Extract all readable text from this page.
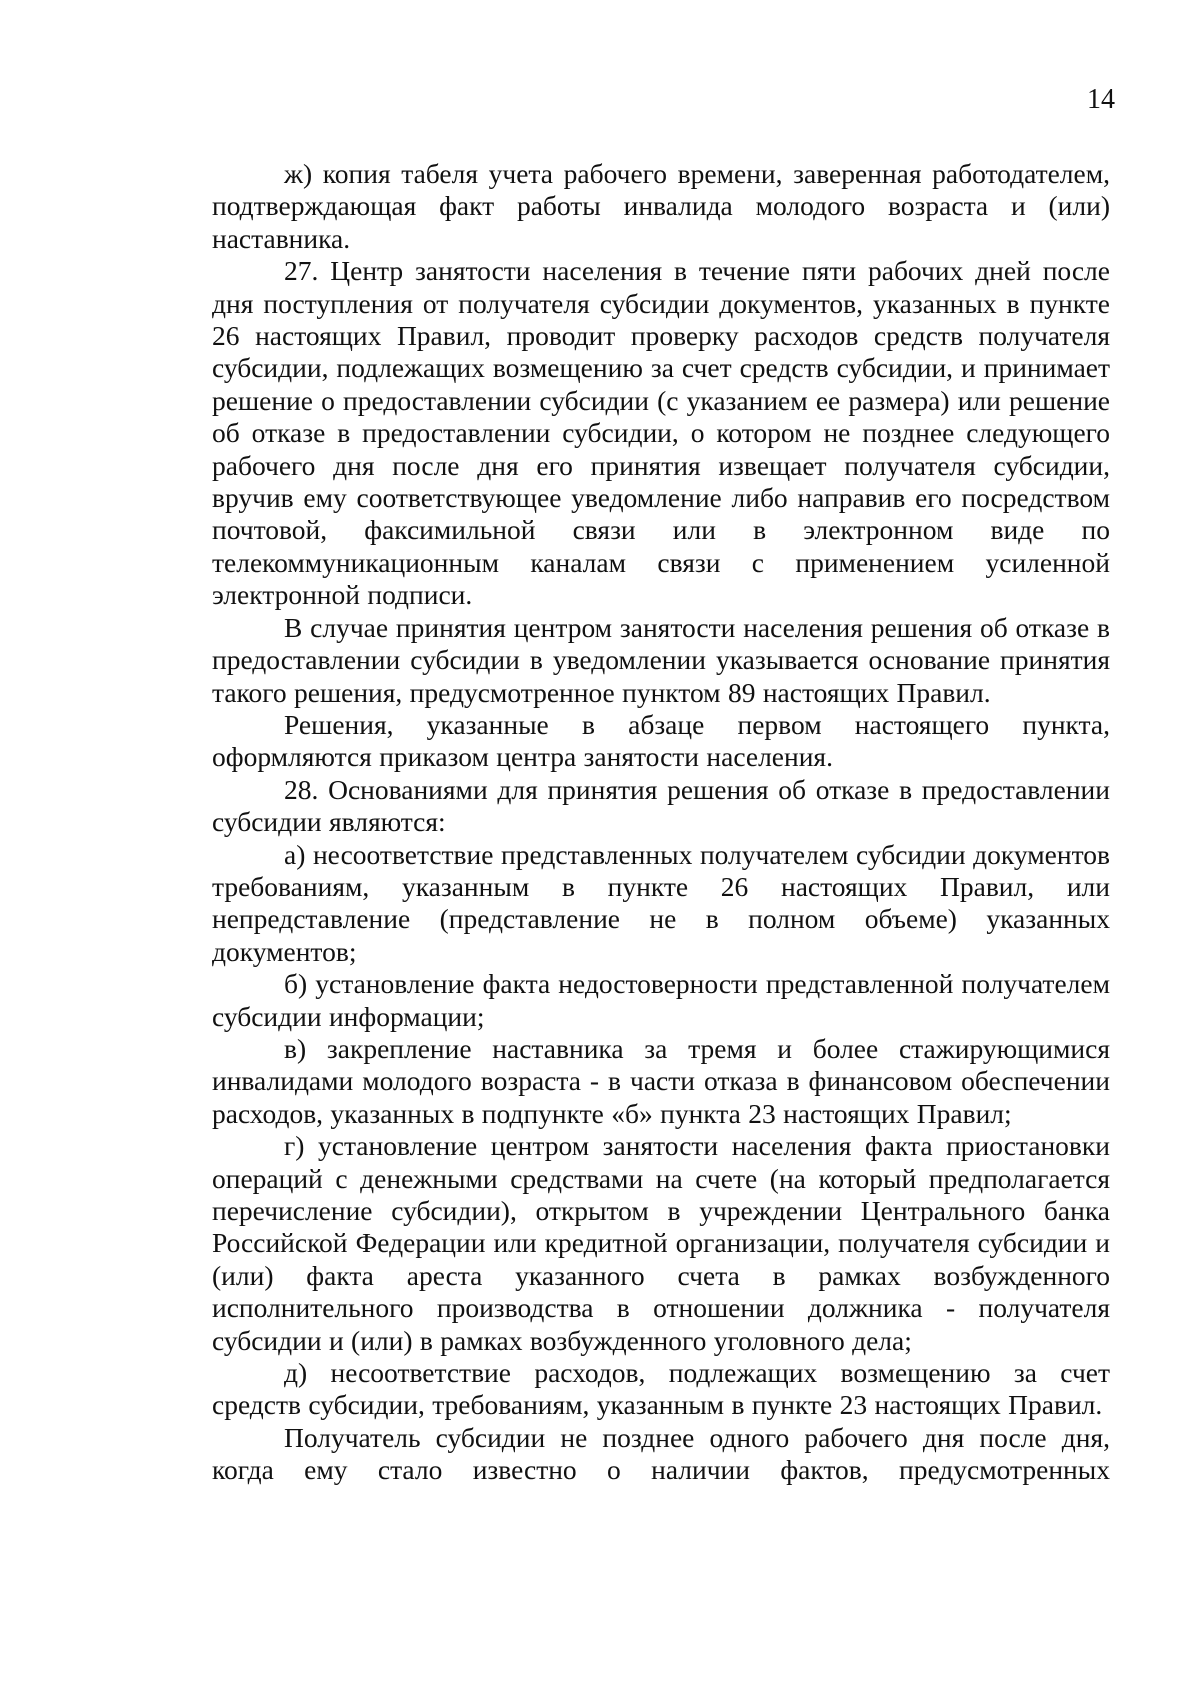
14

ж) копия табеля учета рабочего времени, заверенная работодателем, подтверждающая факт работы инвалида молодого возраста и (или) наставника.

27. Центр занятости населения в течение пяти рабочих дней после дня поступления от получателя субсидии документов, указанных в пункте 26 настоящих Правил, проводит проверку расходов средств получателя субсидии, подлежащих возмещению за счет средств субсидии, и принимает решение о предоставлении субсидии (с указанием ее размера) или решение об отказе в предоставлении субсидии, о котором не позднее следующего рабочего дня после дня его принятия извещает получателя субсидии, вручив ему соответствующее уведомление либо направив его посредством почтовой, факсимильной связи или в электронном виде по телекоммуникационным каналам связи с применением усиленной электронной подписи.

В случае принятия центром занятости населения решения об отказе в предоставлении субсидии в уведомлении указывается основание принятия такого решения, предусмотренное пунктом 89 настоящих Правил.

Решения, указанные в абзаце первом настоящего пункта, оформляются приказом центра занятости населения.

28. Основаниями для принятия решения об отказе в предоставлении субсидии являются:

а) несоответствие представленных получателем субсидии документов требованиям, указанным в пункте 26 настоящих Правил, или непредставление (представление не в полном объеме) указанных документов;

б) установление факта недостоверности представленной получателем субсидии информации;

в) закрепление наставника за тремя и более стажирующимися инвалидами молодого возраста - в части отказа в финансовом обеспечении расходов, указанных в подпункте «б» пункта 23 настоящих Правил;

г) установление центром занятости населения факта приостановки операций с денежными средствами на счете (на который предполагается перечисление субсидии), открытом в учреждении Центрального банка Российской Федерации или кредитной организации, получателя субсидии и (или) факта ареста указанного счета в рамках возбужденного исполнительного производства в отношении должника - получателя субсидии и (или) в рамках возбужденного уголовного дела;

д) несоответствие расходов, подлежащих возмещению за счет средств субсидии, требованиям, указанным в пункте 23 настоящих Правил.

Получатель субсидии не позднее одного рабочего дня после дня, когда ему стало известно о наличии фактов, предусмотренных
